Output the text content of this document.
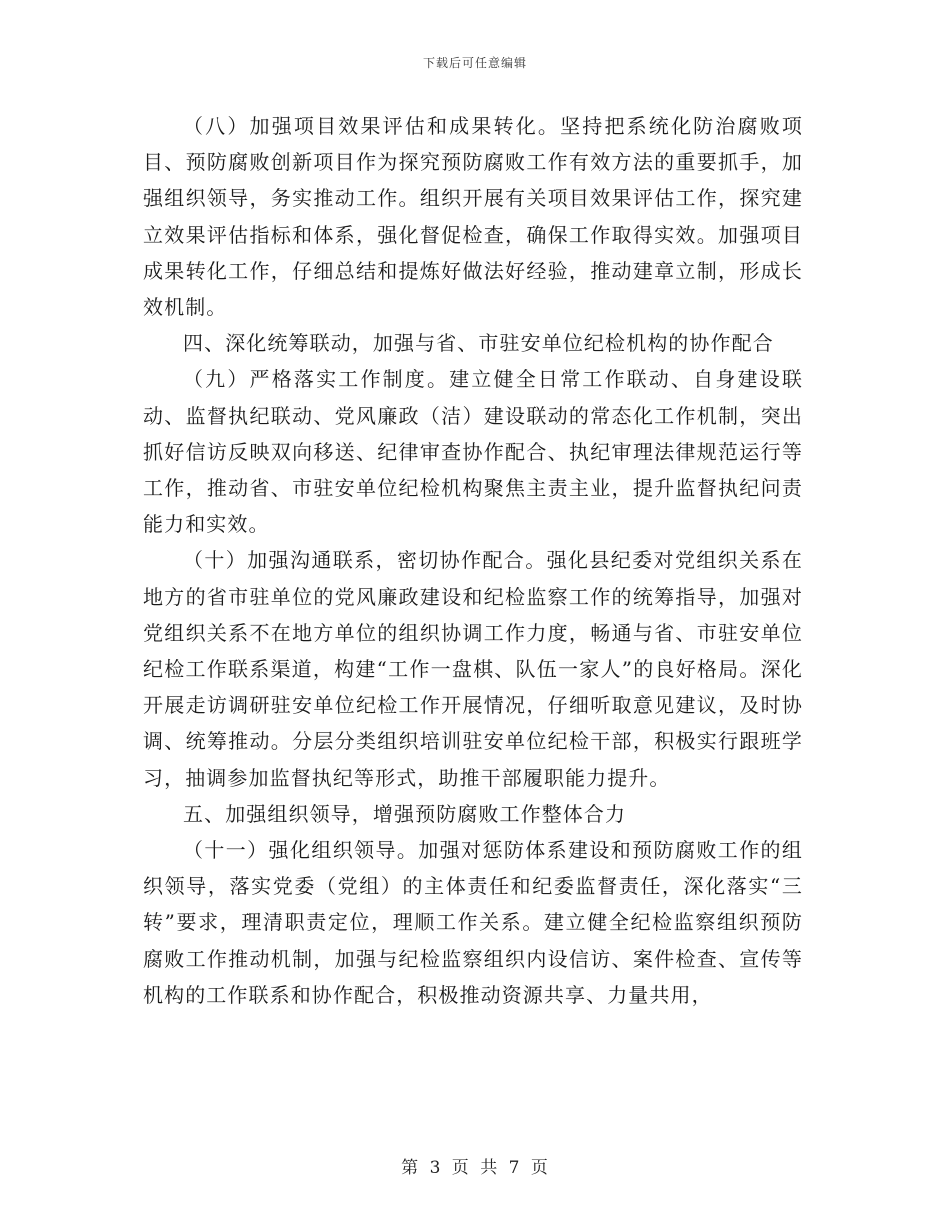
下载后可任意编辑

（八）加强项目效果评估和成果转化。坚持把系统化防治腐败项目、预防腐败创新项目作为探究预防腐败工作有效方法的重要抓手，加强组织领导，务实推动工作。组织开展有关项目效果评估工作，探究建立效果评估指标和体系，强化督促检查，确保工作取得实效。加强项目成果转化工作，仔细总结和提炼好做法好经验，推动建章立制，形成长效机制。

四、深化统筹联动，加强与省、市驻安单位纪检机构的协作配合

（九）严格落实工作制度。建立健全日常工作联动、自身建设联动、监督执纪联动、党风廉政（洁）建设联动的常态化工作机制，突出抓好信访反映双向移送、纪律审查协作配合、执纪审理法律规范运行等工作，推动省、市驻安单位纪检机构聚焦主责主业，提升监督执纪问责能力和实效。

（十）加强沟通联系，密切协作配合。强化县纪委对党组织关系在地方的省市驻单位的党风廉政建设和纪检监察工作的统筹指导，加强对党组织关系不在地方单位的组织协调工作力度，畅通与省、市驻安单位纪检工作联系渠道，构建“工作一盘棋、队伍一家人”的良好格局。深化开展走访调研驻安单位纪检工作开展情况，仔细听取意见建议，及时协调、统筹推动。分层分类组织培训驻安单位纪检干部，积极实行跟班学习，抽调参加监督执纪等形式，助推干部履职能力提升。

五、加强组织领导，增强预防腐败工作整体合力

（十一）强化组织领导。加强对惩防体系建设和预防腐败工作的组织领导，落实党委（党组）的主体责任和纪委监督责任，深化落实“三转”要求，理清职责定位，理顺工作关系。建立健全纪检监察组织预防腐败工作推动机制，加强与纪检监察组织内设信访、案件检查、宣传等机构的工作联系和协作配合，积极推动资源共享、力量共用，

第 3 页 共 7 页
